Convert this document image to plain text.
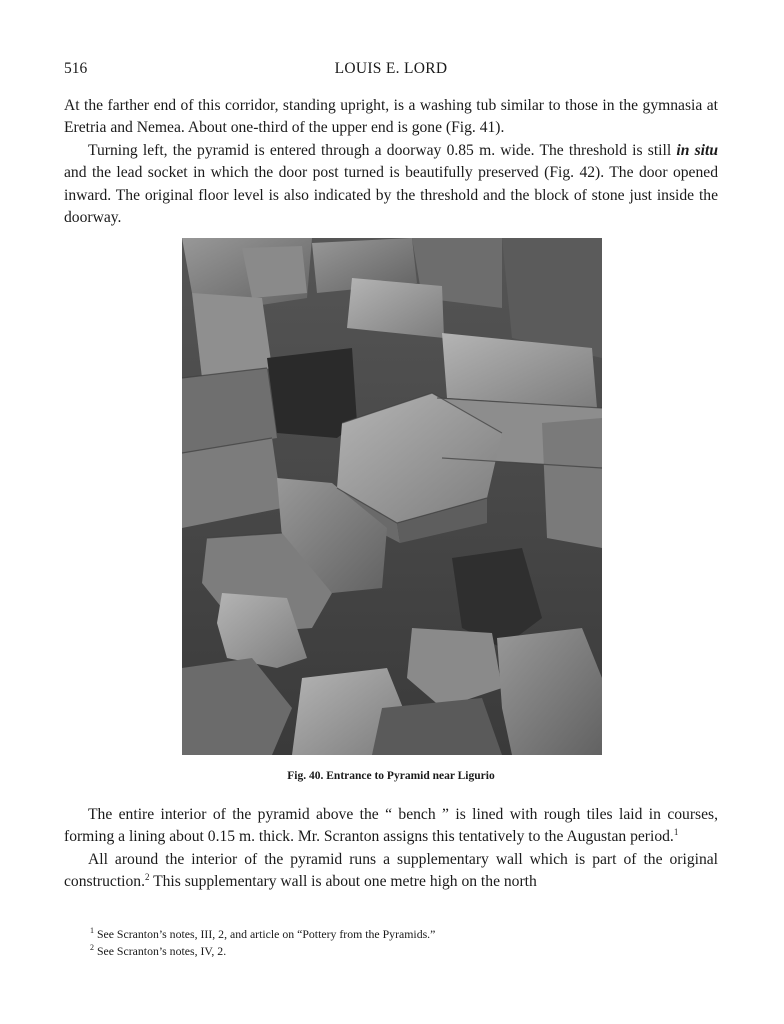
516	LOUIS E. LORD

At the farther end of this corridor, standing upright, is a washing tub similar to those in the gymnasia at Eretria and Nemea. About one-third of the upper end is gone (Fig. 41).

Turning left, the pyramid is entered through a doorway 0.85 m. wide. The threshold is still in situ and the lead socket in which the door post turned is beautifully preserved (Fig. 42). The door opened inward. The original floor level is also indicated by the threshold and the block of stone just inside the doorway.

Fig. 40. Entrance to Pyramid near Ligurio

The entire interior of the pyramid above the “ bench ” is lined with rough tiles laid in courses, forming a lining about 0.15 m. thick. Mr. Scranton assigns this tentatively to the Augustan period.$^1$

All around the interior of the pyramid runs a supplementary wall which is part of the original construction.$^2$ This supplementary wall is about one metre high on the north

$^1$ See Scranton’s notes, III, 2, and article on “Pottery from the Pyramids.”
$^2$ See Scranton’s notes, IV, 2.
